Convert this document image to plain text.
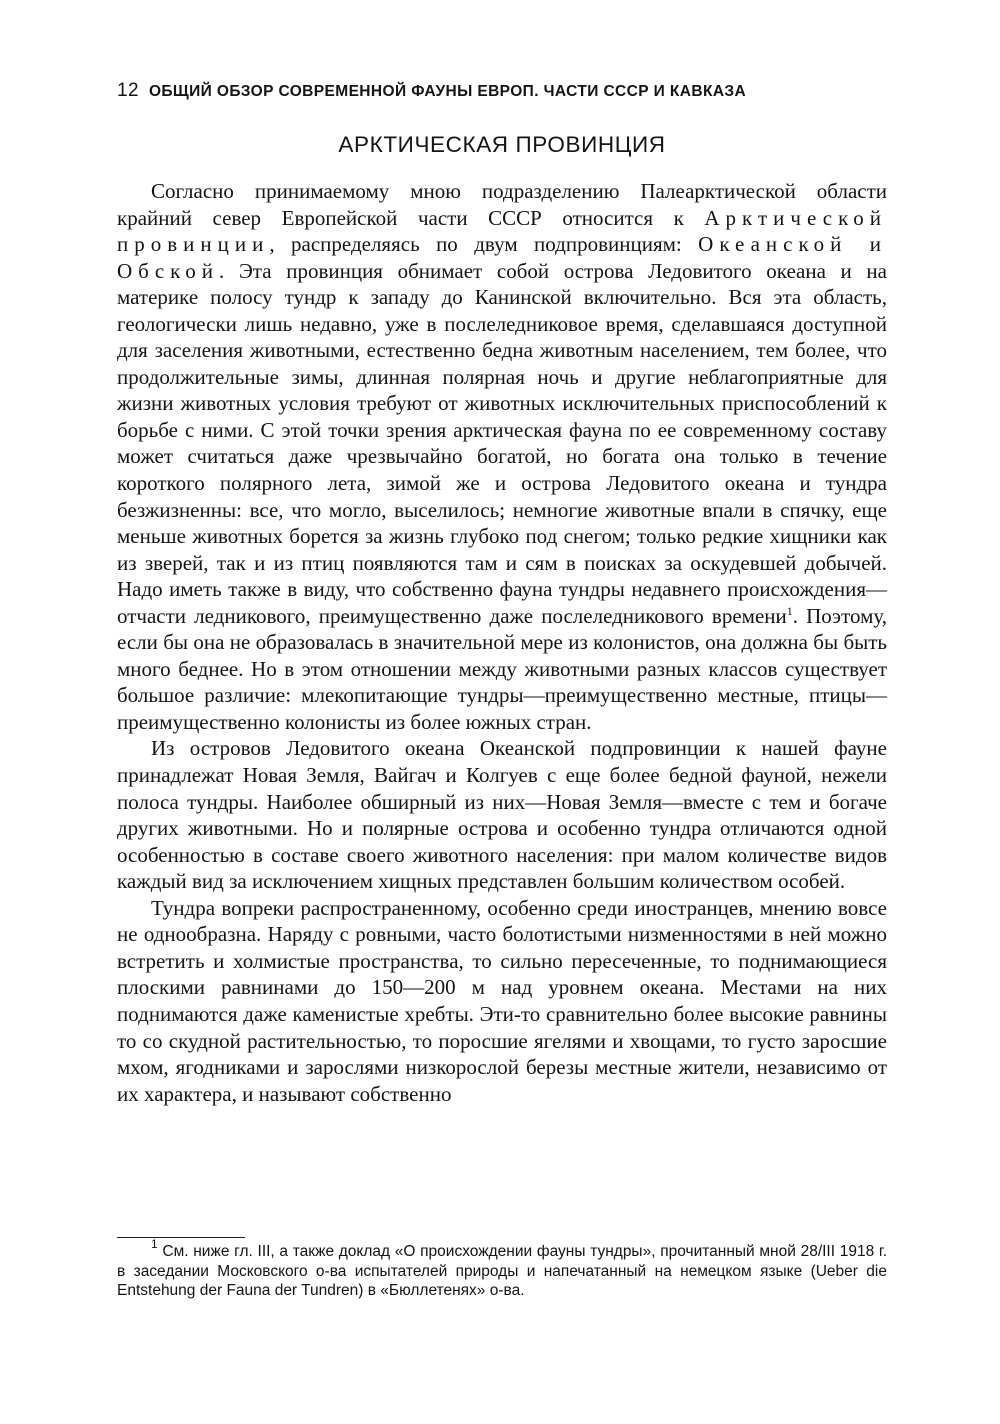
12 ОБЩИЙ ОБЗОР СОВРЕМЕННОЙ ФАУНЫ ЕВРОП. ЧАСТИ СССР И КАВКАЗА
АРКТИЧЕСКАЯ ПРОВИНЦИЯ

Согласно принимаемому мною подразделению Палеарктической области крайний север Европейской части СССР относится к Арктической провинции, распределяясь по двум подпровинциям: Океанской и Обской. Эта провинция обнимает собой острова Ледовитого океана и на материке полосу тундр к западу до Канинской включительно. Вся эта область, геологически лишь недавно, уже в послеледниковое время, сделавшаяся доступной для заселения животными, естественно бедна животным населением, тем более, что продолжительные зимы, длинная полярная ночь и другие неблагоприятные для жизни животных условия требуют от животных исключительных приспособлений к борьбе с ними. С этой точки зрения арктическая фауна по ее современному составу может считаться даже чрезвычайно богатой, но богата она только в течение короткого полярного лета, зимой же и острова Ледовитого океана и тундра безжизненны: все, что могло, выселилось; немногие животные впали в спячку, еще меньше животных борется за жизнь глубоко под снегом; только редкие хищники как из зверей, так и из птиц появляются там и сям в поисках за оскудевшей добычей. Надо иметь также в виду, что собственно фауна тундры недавнего происхождения—отчасти ледникового, преимущественно даже послеледникового времени$^1$. Поэтому, если бы она не образовалась в значительной мере из колонистов, она должна бы быть много беднее. Но в этом отношении между животными разных классов существует большое различие: млекопитающие тундры—преимущественно местные, птицы—преимущественно колонисты из более южных стран.

Из островов Ледовитого океана Океанской подпровинции к нашей фауне принадлежат Новая Земля, Вайгач и Колгуев с еще более бедной фауной, нежели полоса тундры. Наиболее обширный из них—Новая Земля—вместе с тем и богаче других животными. Но и полярные острова и особенно тундра отличаются одной особенностью в составе своего животного населения: при малом количестве видов каждый вид за исключением хищных представлен большим количеством особей.

Тундра вопреки распространенному, особенно среди иностранцев, мнению вовсе не однообразна. Наряду с ровными, часто болотистыми низменностями в ней можно встретить и холмистые пространства, то сильно пересеченные, то поднимающиеся плоскими равнинами до 150—200 м над уровнем океана. Местами на них поднимаются даже каменистые хребты. Эти-то сравнительно более высокие равнины то со скудной растительностью, то поросшие ягелями и хвощами, то густо заросшие мхом, ягодниками и зарослями низкорослой березы местные жители, независимо от их характера, и называют собственно

$^1$ См. ниже гл. III, а также доклад «О происхождении фауны тундры», прочитанный мной 28/III 1918 г. в заседании Московского о-ва испытателей природы и напечатанный на немецком языке (Ueber die Entstehung der Fauna der Tundren) в «Бюллетенях» о-ва.
